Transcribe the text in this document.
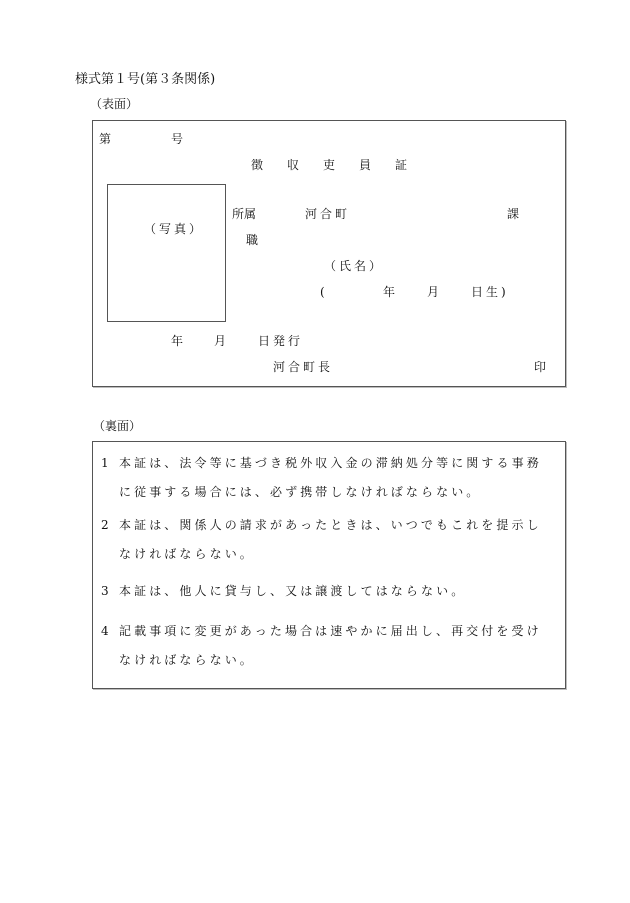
様式第１号(第３条関係)
（表面）
第	号
徴　　収　　吏　　員　　証
（写真）
所属	河合町	課
職
（氏名）
(	年	月	日生)
年	月	日発行
河合町長	印
（裏面）
1 本証は、法令等に基づき税外収入金の滞納処分等に関する事務に従事する場合には、必ず携帯しなければならない。
2 本証は、関係人の請求があったときは、いつでもこれを提示しなければならない。
3 本証は、他人に貸与し、又は譲渡してはならない。
4 記載事項に変更があった場合は速やかに届出し、再交付を受けなければならない。
